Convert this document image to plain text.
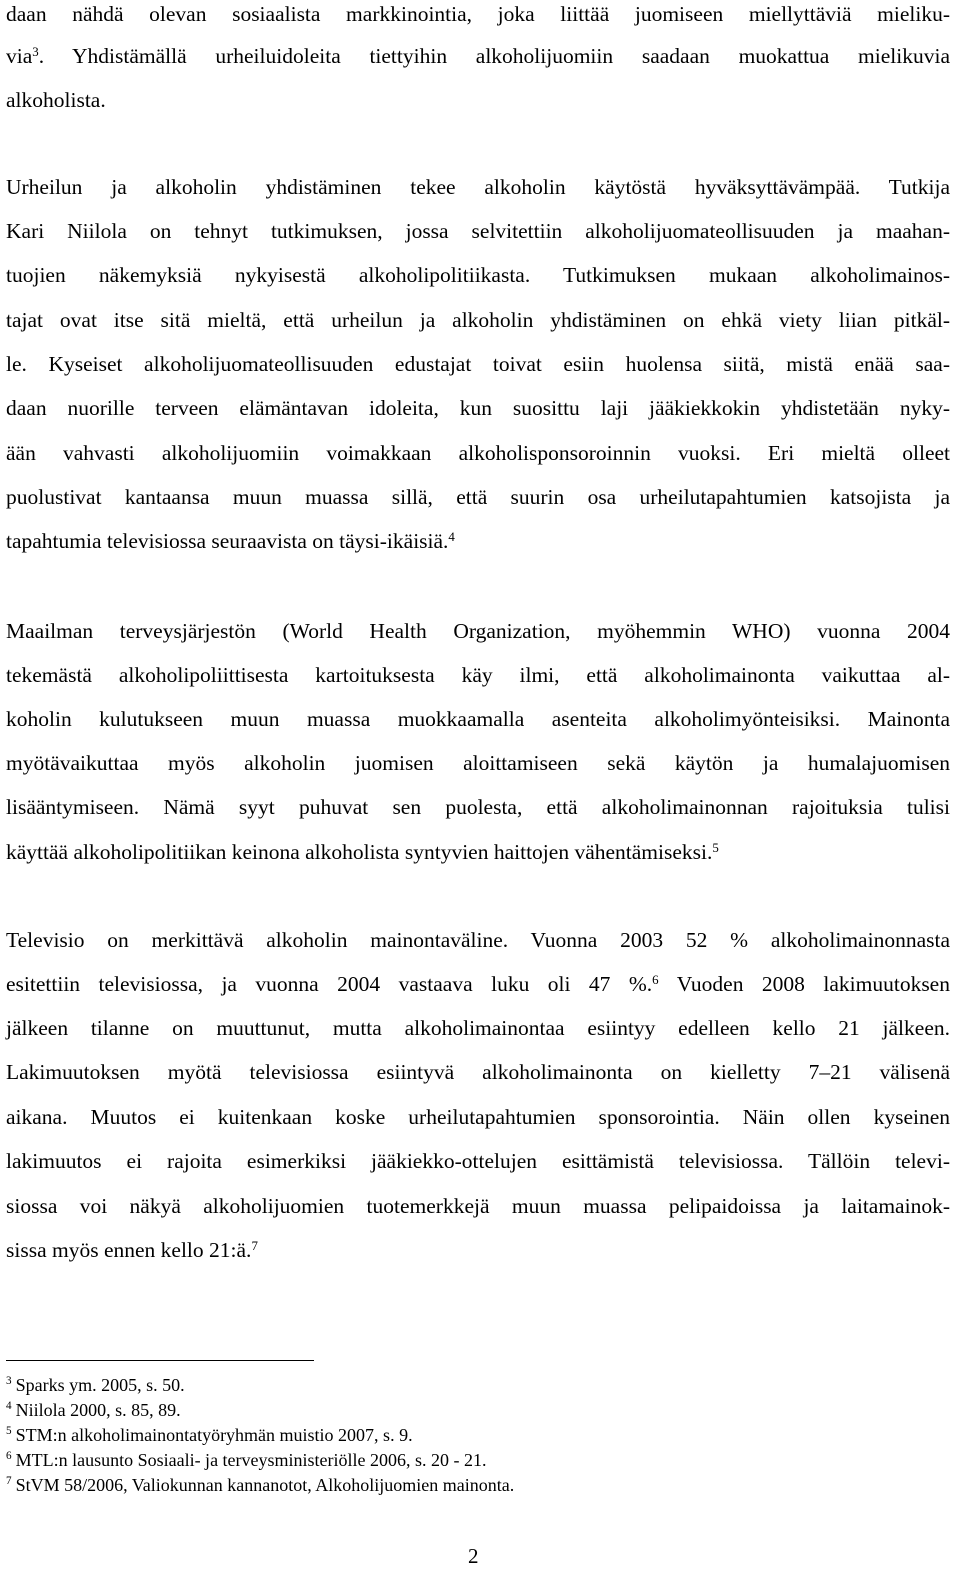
daan nähdä olevan sosiaalista markkinointia, joka liittää juomiseen miellyttäviä mieliku-
via$^3$. Yhdistämällä urheiluidoleita tiettyihin alkoholijuomiin saadaan muokattua mielikuvia
alkoholista.
Urheilun ja alkoholin yhdistäminen tekee alkoholin käytöstä hyväksyttävämpää. Tutkija
Kari Niilola on tehnyt tutkimuksen, jossa selvitettiin alkoholijuomateollisuuden ja maahan-
tuojien näkemyksiä nykyisestä alkoholipolitiikasta. Tutkimuksen mukaan alkoholimainos-
tajat ovat itse sitä mieltä, että urheilun ja alkoholin yhdistäminen on ehkä viety liian pitkäl-
le. Kyseiset alkoholijuomateollisuuden edustajat toivat esiin huolensa siitä, mistä enää saa-
daan nuorille terveen elämäntavan idoleita, kun suosittu laji jääkiekkokin yhdistetään nyky-
ään vahvasti alkoholijuomiin voimakkaan alkoholisponsoroinnin vuoksi. Eri mieltä olleet
puolustivat kantaansa muun muassa sillä, että suurin osa urheilutapahtumien katsojista ja
tapahtumia televisiossa seuraavista on täysi-ikäisiä.$^4$
Maailman terveysjärjestön (World Health Organization, myöhemmin WHO) vuonna 2004
tekemästä alkoholipoliittisesta kartoituksesta käy ilmi, että alkoholimainonta vaikuttaa al-
koholin kulutukseen muun muassa muokkaamalla asenteita alkoholimyönteisiksi. Mainonta
myötävaikuttaa myös alkoholin juomisen aloittamiseen sekä käytön ja humalajuomisen
lisääntymiseen. Nämä syyt puhuvat sen puolesta, että alkoholimainonnan rajoituksia tulisi
käyttää alkoholipolitiikan keinona alkoholista syntyvien haittojen vähentämiseksi.$^5$
Televisio on merkittävä alkoholin mainontaväline. Vuonna 2003 52 % alkoholimainonnasta
esitettiin televisiossa, ja vuonna 2004 vastaava luku oli 47 %.$^6$ Vuoden 2008 lakimuutoksen
jälkeen tilanne on muuttunut, mutta alkoholimainontaa esiintyy edelleen kello 21 jälkeen.
Lakimuutoksen myötä televisiossa esiintyvä alkoholimainonta on kielletty 7–21 välisenä
aikana. Muutos ei kuitenkaan koske urheilutapahtumien sponsorointia. Näin ollen kyseinen
lakimuutos ei rajoita esimerkiksi jääkiekko-ottelujen esittämistä televisiossa. Tällöin televi-
siossa voi näkyä alkoholijuomien tuotemerkkejä muun muassa pelipaidoissa ja laitamainok-
sissa myös ennen kello 21:ä.$^7$
$^3$ Sparks ym. 2005, s. 50.
$^4$ Niilola 2000, s. 85, 89.
$^5$ STM:n alkoholimainontatyöryhmän muistio 2007, s. 9.
$^6$ MTL:n lausunto Sosiaali- ja terveysministeriölle 2006, s. 20 - 21.
$^7$ StVM 58/2006, Valiokunnan kannanotot, Alkoholijuomien mainonta.
2
